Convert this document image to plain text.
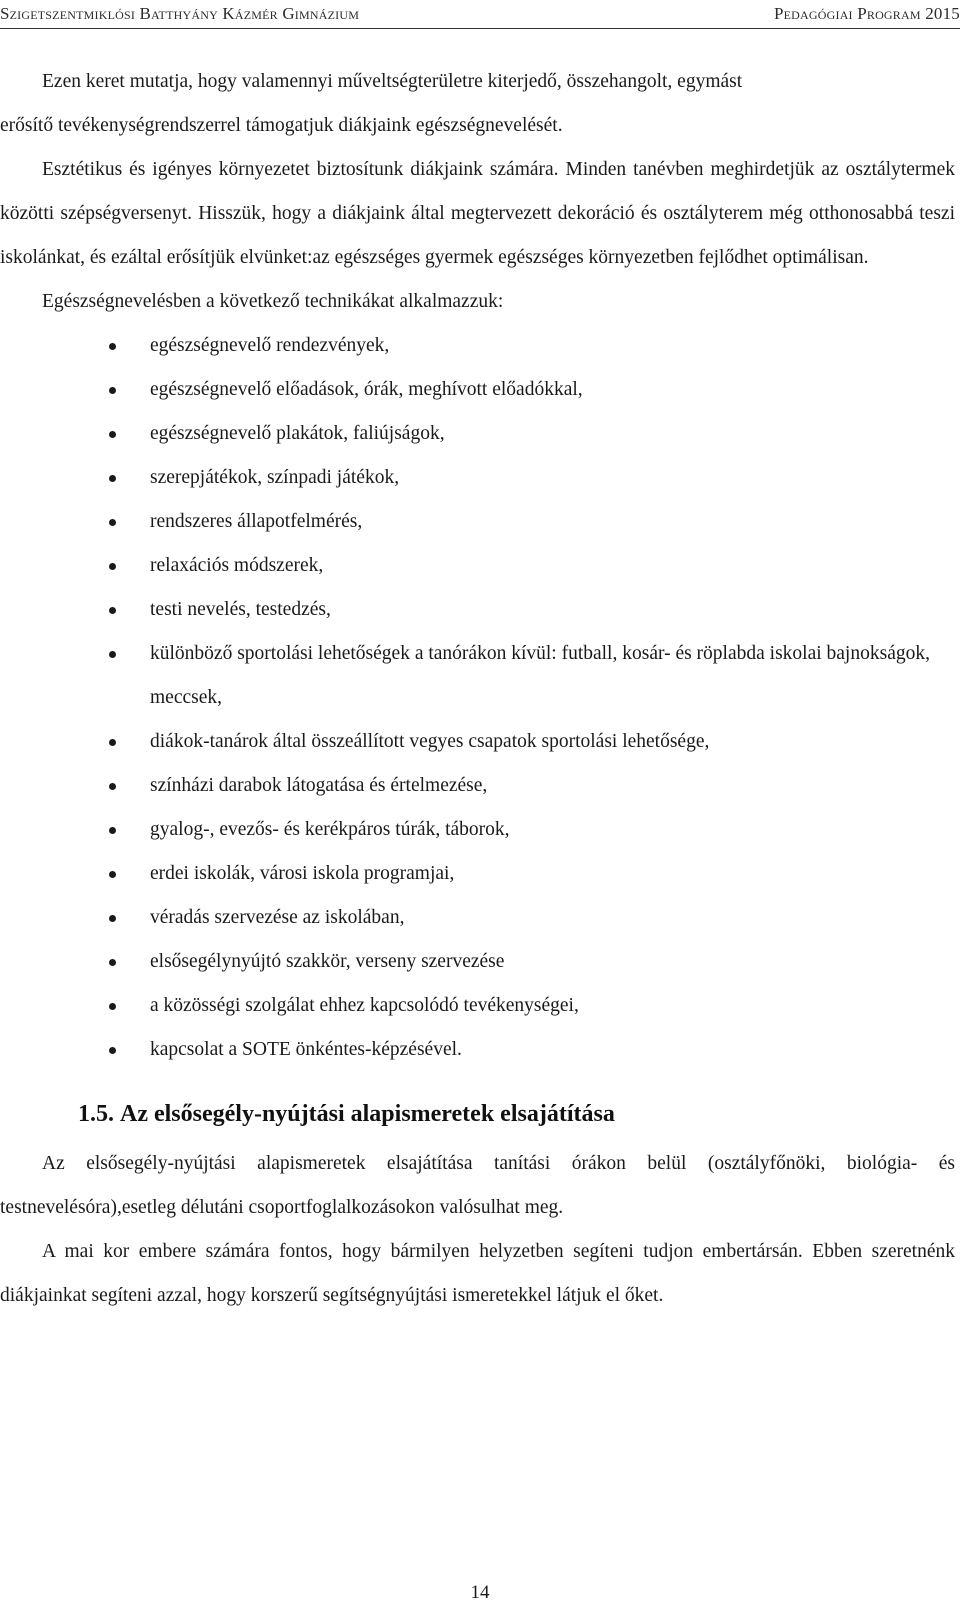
Szigetszentmiklósi Batthyány Kázmér Gimnázium	Pedagógiai Program 2015

Ezen keret mutatja, hogy valamennyi műveltségterületre kiterjedő, összehangolt, egymást
erősítő tevékenységrendszerrel támogatjuk diákjaink egészségnevelését.

Esztétikus és igényes környezetet biztosítunk diákjaink számára. Minden tanévben meghirdetjük az osztálytermek közötti szépségversenyt. Hisszük, hogy a diákjaink által megtervezett dekoráció és osztályterem még otthonosabbá teszi iskolánkat, és ezáltal erősítjük elvünket:az egészséges gyermek egészséges környezetben fejlődhet optimálisan.

Egészségnevelésben a következő technikákat alkalmazzuk:

egészségnevelő rendezvények,
egészségnevelő előadások, órák, meghívott előadókkal,
egészségnevelő plakátok, faliújságok,
szerepjátékok, színpadi játékok,
rendszeres állapotfelmérés,
relaxációs módszerek,
testi nevelés, testedzés,
különböző sportolási lehetőségek a tanórákon kívül: futball, kosár- és röplabda iskolai bajnokságok, meccsek,
diákok-tanárok által összeállított vegyes csapatok sportolási lehetősége,
színházi darabok látogatása és értelmezése,
gyalog-, evezős- és kerékpáros túrák, táborok,
erdei iskolák, városi iskola programjai,
véradás szervezése az iskolában,
elsősegélynyújtó szakkör, verseny szervezése
a közösségi szolgálat ehhez kapcsolódó tevékenységei,
kapcsolat a SOTE önkéntes-képzésével.
1.5. Az elsősegély-nyújtási alapismeretek elsajátítása

Az elsősegély-nyújtási alapismeretek elsajátítása tanítási órákon belül (osztályfőnöki, biológia- és testnevelésóra),esetleg délutáni csoportfoglalkozásokon valósulhat meg.

A mai kor embere számára fontos, hogy bármilyen helyzetben segíteni tudjon embertársán. Ebben szeretnénk diákjainkat segíteni azzal, hogy korszerű segítségnyújtási ismeretekkel látjuk el őket.

14
